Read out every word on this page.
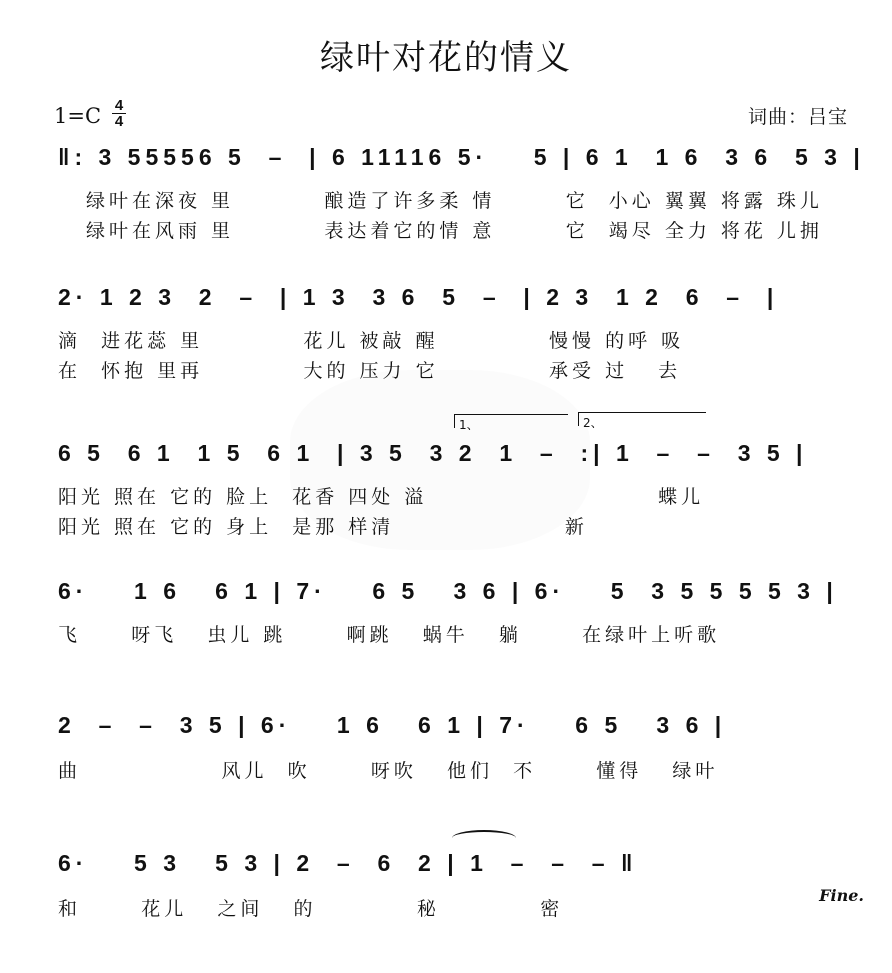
绿叶对花的情义
$1=C \frac{4}{4}$	词曲：吕宝
‖: 3 55556 5  –  | 6 11116 5·    5 | 6 1  1 6  3 6  5 3 |
绿叶在深夜 里         酿造了许多柔 情       它  小心 翼翼 将露 珠儿
绿叶在风雨 里         表达着它的情 意       它  竭尽 全力 将花 儿拥
2· 1 2 3  2  –  | 1 3  3 6  5  –  | 2 3  1 2  6  –  |
滴  进花蕊 里          花儿 被敲 醒           慢慢 的呼 吸
在  怀抱 里再          大的 压力 它           承受 过   去
1、	2、
6 5  6 1  1 5  6 1  | 3 5  3 2  1  –  :| 1  –  –  3 5 |
阳光 照在 它的 脸上  花香 四处 溢                       蝶儿
阳光 照在 它的 身上  是那 样清                 新
6·    1 6   6 1 | 7·    6 5   3 6 | 6·    5  3 5 5 5 5 3 |
飞     呀飞   虫儿 跳      啊跳   蜗牛   躺      在绿叶上听歌
2  –  –  3 5 | 6·    1 6   6 1 | 7·    6 5   3 6 |
曲              风儿  吹      呀吹   他们  不      懂得   绿叶
6·    5 3   5 3 | 2  –  6  2 | 1  –  –  – ‖
和      花儿   之间   的          秘          密
Fine.
